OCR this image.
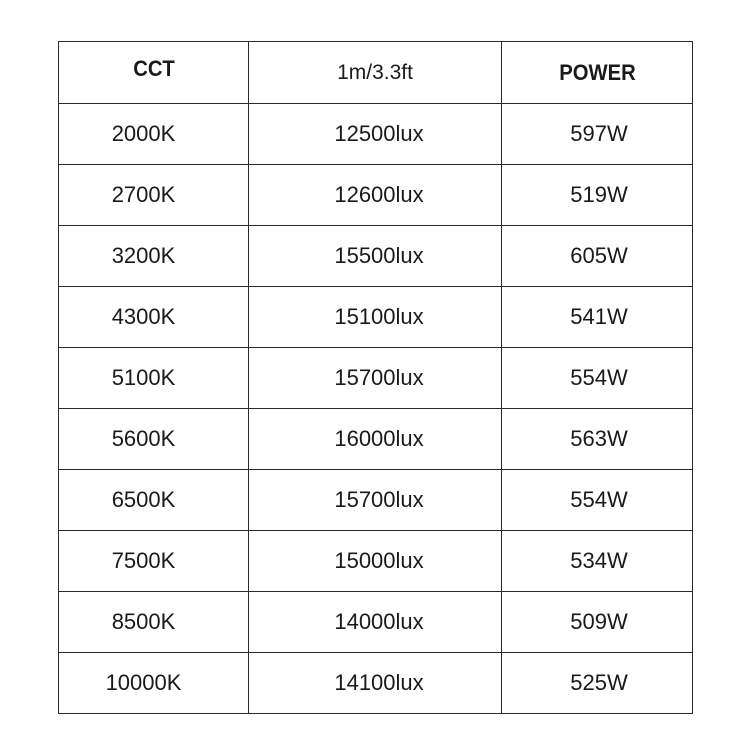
CCT	1m/3.3ft	POWER
2000K	12500lux	597W
2700K	12600lux	519W
3200K	15500lux	605W
4300K	15100lux	541W
5100K	15700lux	554W
5600K	16000lux	563W
6500K	15700lux	554W
7500K	15000lux	534W
8500K	14000lux	509W
10000K	14100lux	525W
